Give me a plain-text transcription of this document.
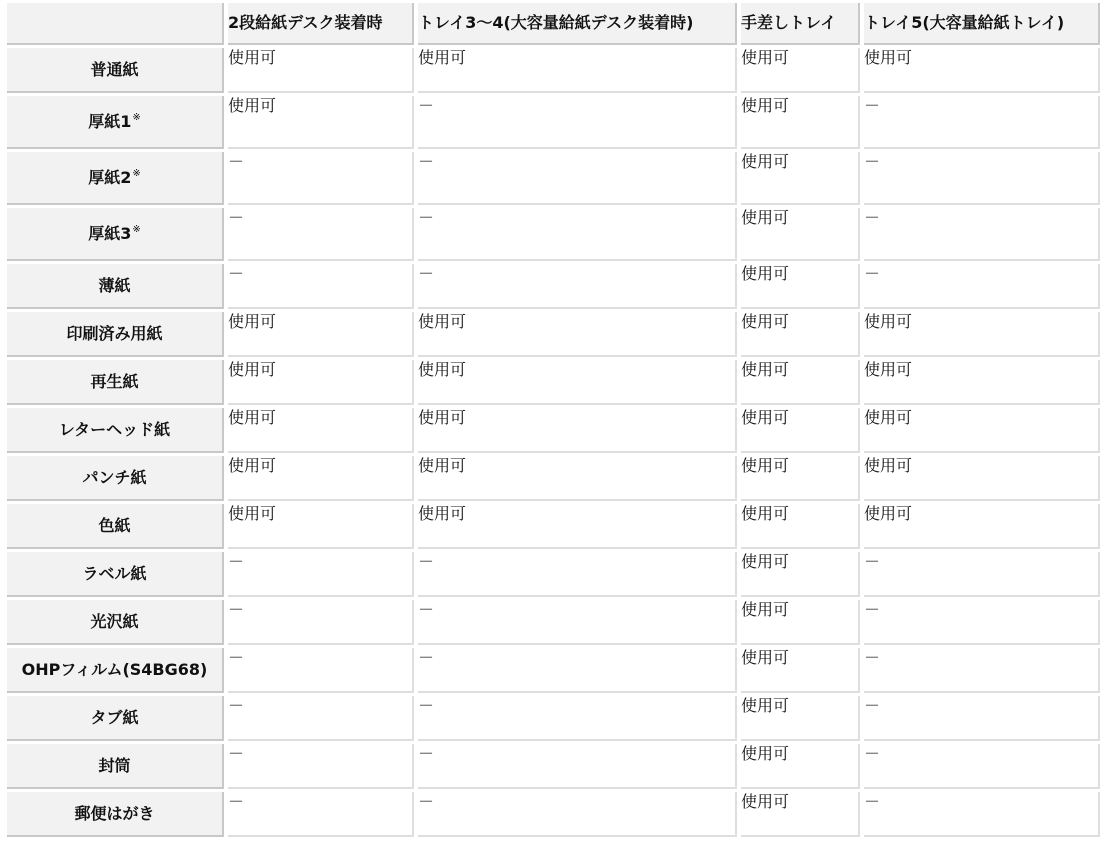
	2段給紙デスク装着時	トレイ3〜4(大容量給紙デスク装着時)	手差しトレイ	トレイ5(大容量給紙トレイ)
普通紙	使用可	使用可	使用可	使用可
厚紙1※	使用可	－	使用可	－
厚紙2※	－	－	使用可	－
厚紙3※	－	－	使用可	－
薄紙	－	－	使用可	－
印刷済み用紙	使用可	使用可	使用可	使用可
再生紙	使用可	使用可	使用可	使用可
レターヘッド紙	使用可	使用可	使用可	使用可
パンチ紙	使用可	使用可	使用可	使用可
色紙	使用可	使用可	使用可	使用可
ラベル紙	－	－	使用可	－
光沢紙	－	－	使用可	－
OHPフィルム(S4BG68)	－	－	使用可	－
タブ紙	－	－	使用可	－
封筒	－	－	使用可	－
郵便はがき	－	－	使用可	－
